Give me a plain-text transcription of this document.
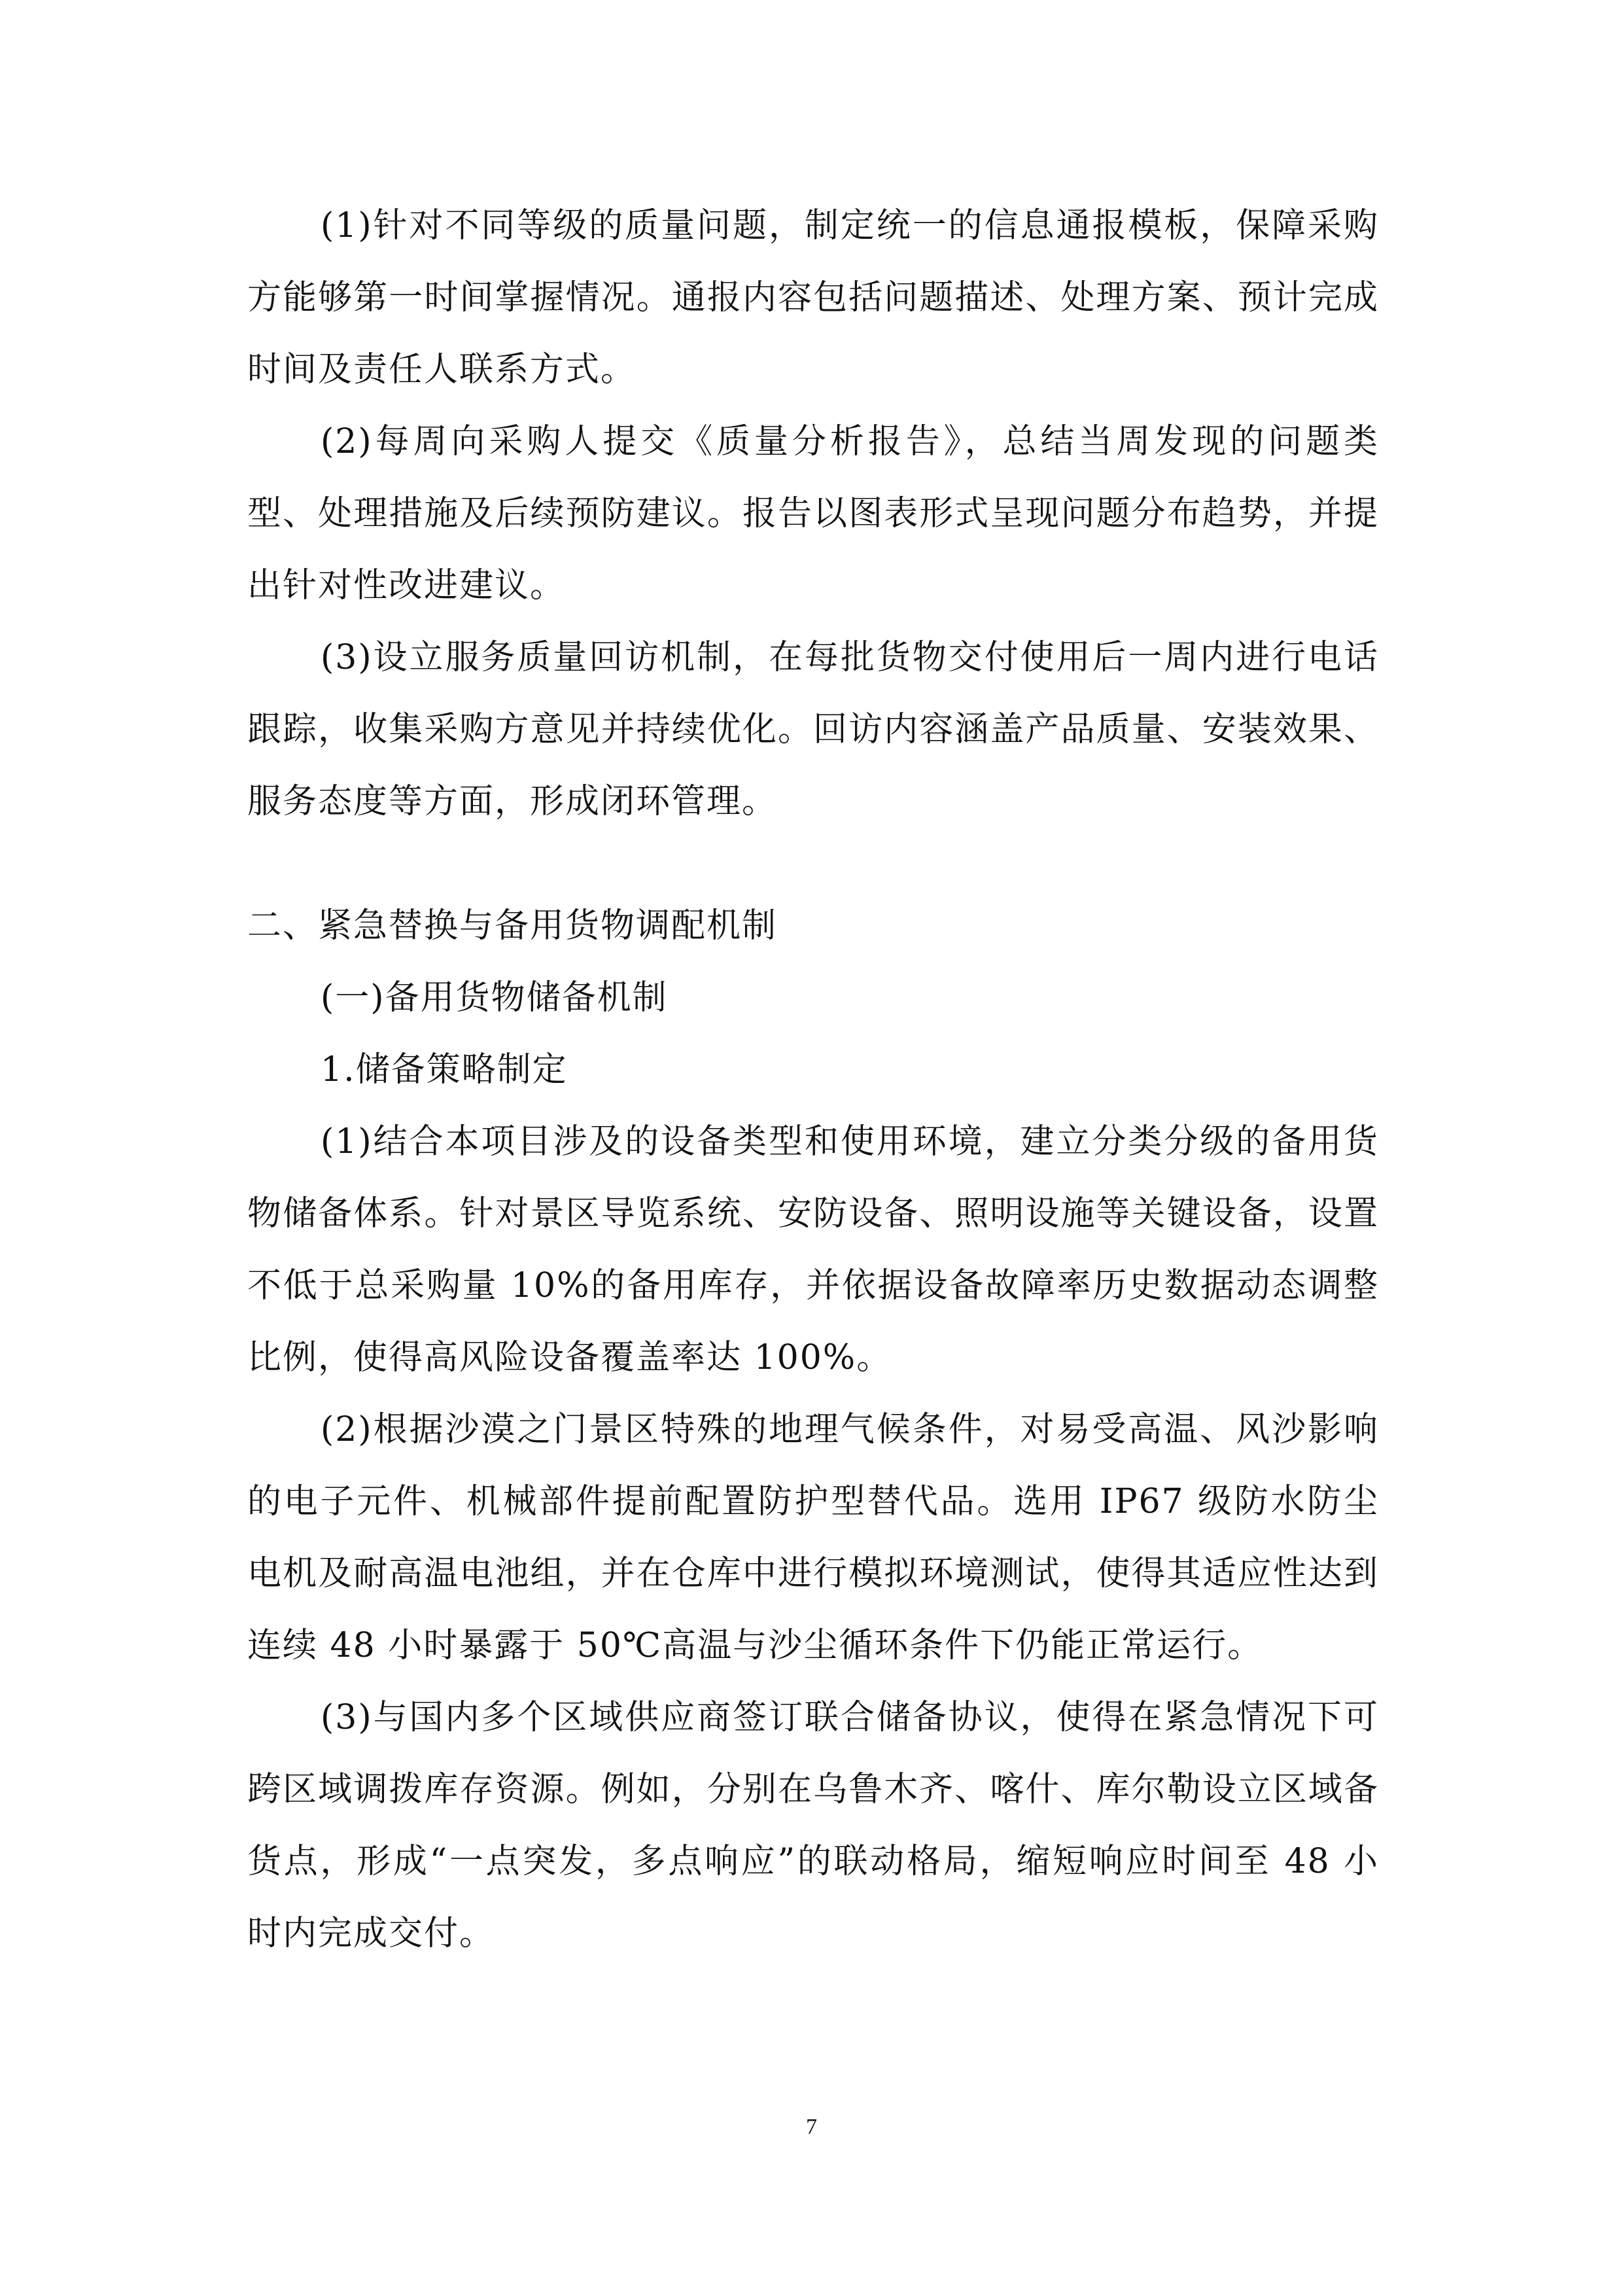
(1)针对不同等级的质量问题，制定统一的信息通报模板，保障采购方能够第一时间掌握情况。通报内容包括问题描述、处理方案、预计完成时间及责任人联系方式。

(2)每周向采购人提交《质量分析报告》，总结当周发现的问题类型、处理措施及后续预防建议。报告以图表形式呈现问题分布趋势，并提出针对性改进建议。

(3)设立服务质量回访机制，在每批货物交付使用后一周内进行电话跟踪，收集采购方意见并持续优化。回访内容涵盖产品质量、安装效果、服务态度等方面，形成闭环管理。

二、紧急替换与备用货物调配机制

(一)备用货物储备机制

1.储备策略制定

(1)结合本项目涉及的设备类型和使用环境，建立分类分级的备用货物储备体系。针对景区导览系统、安防设备、照明设施等关键设备，设置不低于总采购量 10%的备用库存，并依据设备故障率历史数据动态调整比例，使得高风险设备覆盖率达 100%。

(2)根据沙漠之门景区特殊的地理气候条件，对易受高温、风沙影响的电子元件、机械部件提前配置防护型替代品。选用 IP67 级防水防尘电机及耐高温电池组，并在仓库中进行模拟环境测试，使得其适应性达到连续 48 小时暴露于 50℃高温与沙尘循环条件下仍能正常运行。

(3)与国内多个区域供应商签订联合储备协议，使得在紧急情况下可跨区域调拨库存资源。例如，分别在乌鲁木齐、喀什、库尔勒设立区域备货点，形成“一点突发，多点响应”的联动格局，缩短响应时间至 48 小时内完成交付。

7
